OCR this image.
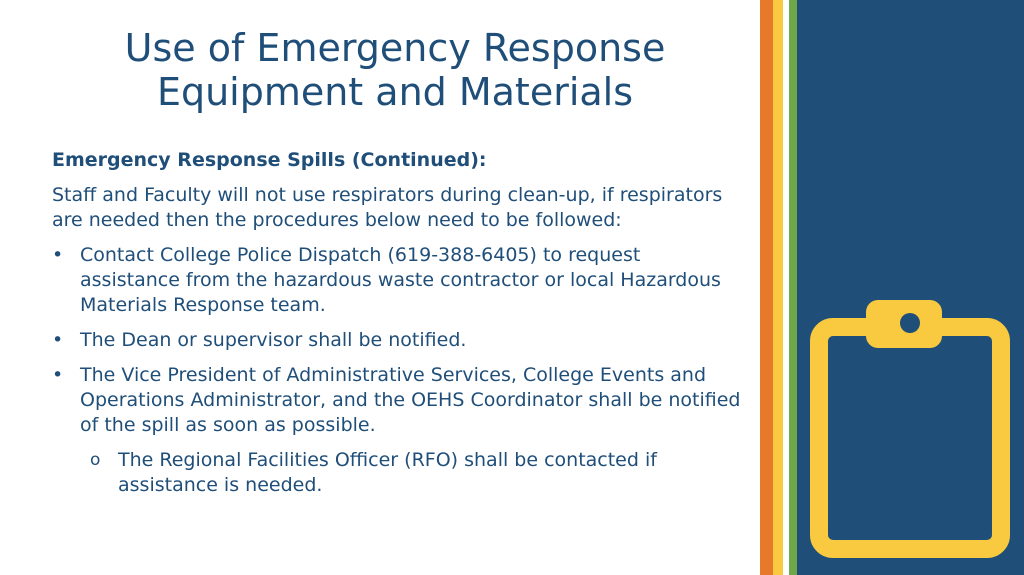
Use of Emergency Response
Equipment and Materials
Emergency Response Spills (Continued):
Staff and Faculty will not use respirators during clean-up, if respirators are needed then the procedures below need to be followed:
• Contact College Police Dispatch (619-388-6405) to request assistance from the hazardous waste contractor or local Hazardous Materials Response team.
• The Dean or supervisor shall be notified.
• The Vice President of Administrative Services, College Events and Operations Administrator, and the OEHS Coordinator shall be notified of the spill as soon as possible.
o The Regional Facilities Officer (RFO) shall be contacted if assistance is needed.
